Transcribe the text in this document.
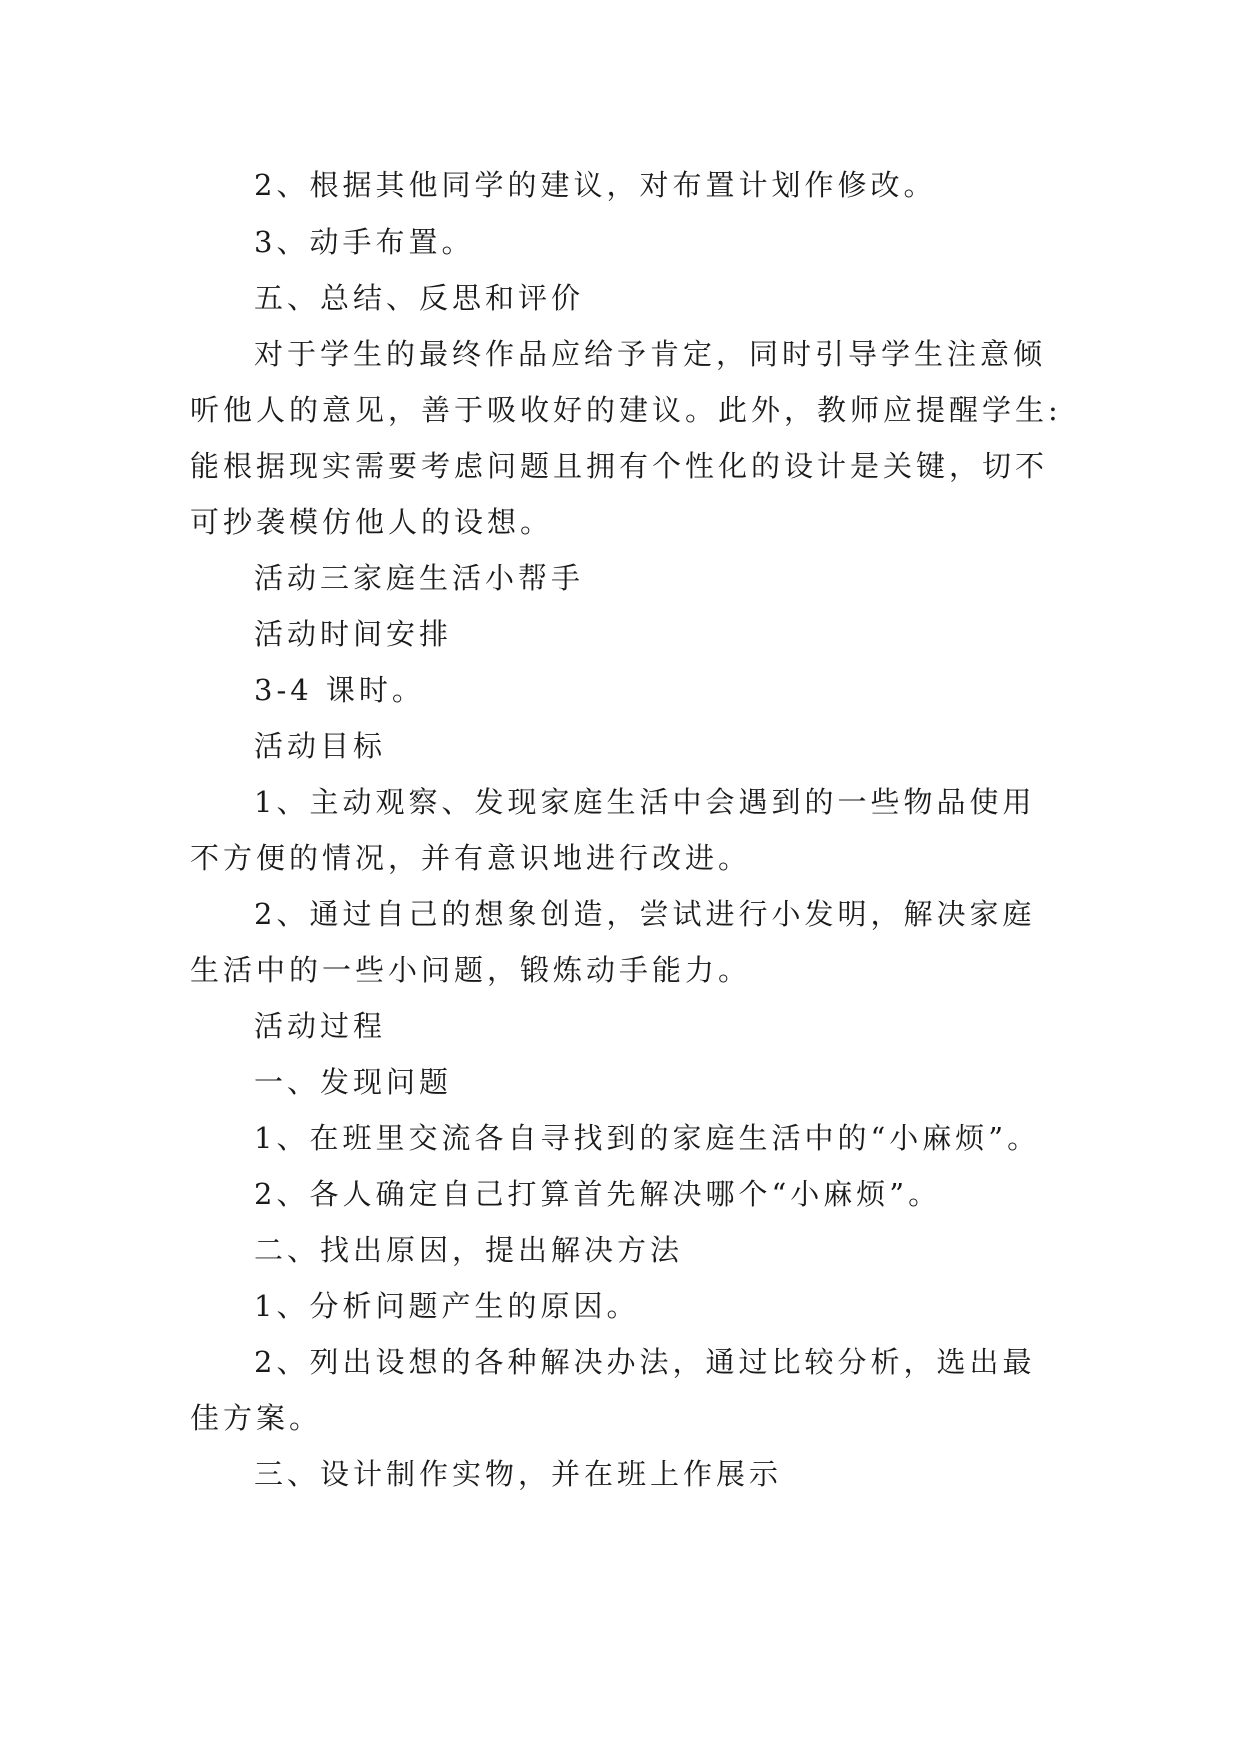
2、根据其他同学的建议，对布置计划作修改。
3、动手布置。
五、总结、反思和评价
对于学生的最终作品应给予肯定，同时引导学生注意倾
听他人的意见，善于吸收好的建议。此外，教师应提醒学生:
能根据现实需要考虑问题且拥有个性化的设计是关键，切不
可抄袭模仿他人的设想。
活动三家庭生活小帮手
活动时间安排
3-4 课时。
活动目标
1、主动观察、发现家庭生活中会遇到的一些物品使用
不方便的情况，并有意识地进行改进。
2、通过自己的想象创造，尝试进行小发明，解决家庭
生活中的一些小问题，锻炼动手能力。
活动过程
一、发现问题
1、在班里交流各自寻找到的家庭生活中的“小麻烦”。
2、各人确定自己打算首先解决哪个“小麻烦”。
二、找出原因，提出解决方法
1、分析问题产生的原因。
2、列出设想的各种解决办法，通过比较分析，选出最
佳方案。
三、设计制作实物，并在班上作展示
